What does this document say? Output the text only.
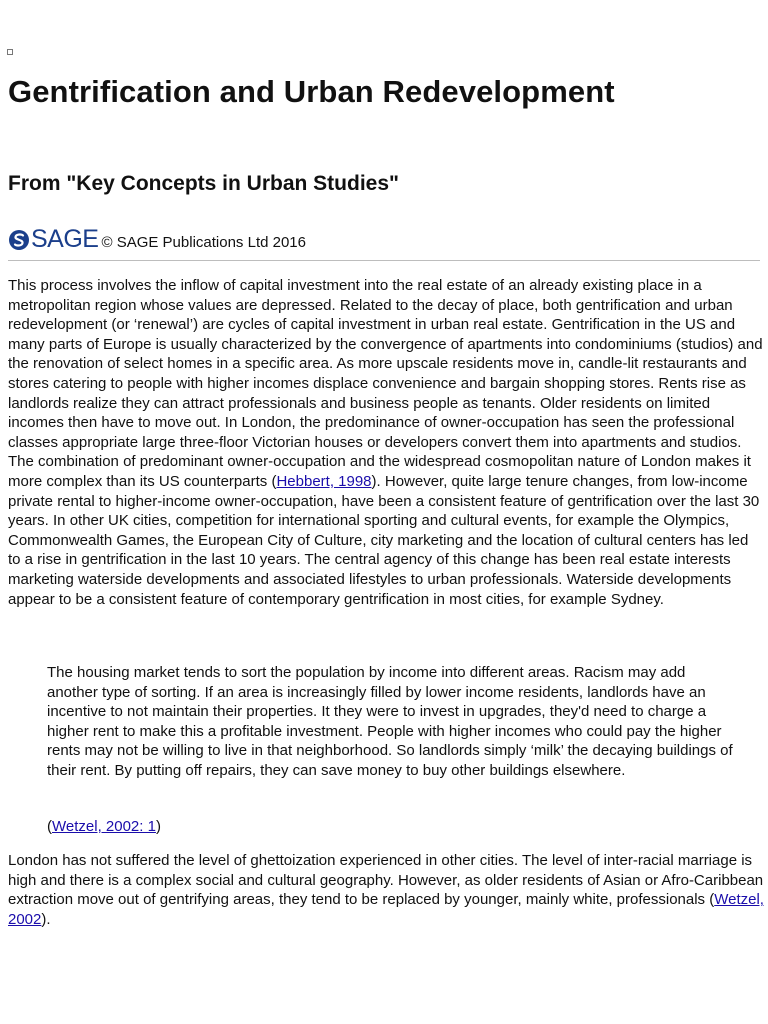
Gentrification and Urban Redevelopment
From "Key Concepts in Urban Studies"
SAGE © SAGE Publications Ltd 2016

This process involves the inflow of capital investment into the real estate of an already existing place in a metropolitan region whose values are depressed. Related to the decay of place, both gentrification and urban redevelopment (or ‘renewal’) are cycles of capital investment in urban real estate. Gentrification in the US and many parts of Europe is usually characterized by the convergence of apartments into condominiums (studios) and the renovation of select homes in a specific area. As more upscale residents move in, candle-lit restaurants and stores catering to people with higher incomes displace convenience and bargain shopping stores. Rents rise as landlords realize they can attract professionals and business people as tenants. Older residents on limited incomes then have to move out. In London, the predominance of owner-occupation has seen the professional classes appropriate large three-floor Victorian houses or developers convert them into apartments and studios. The combination of predominant owner-occupation and the widespread cosmopolitan nature of London makes it more complex than its US counterparts (Hebbert, 1998). However, quite large tenure changes, from low-income private rental to higher-income owner-occupation, have been a consistent feature of gentrification over the last 30 years. In other UK cities, competition for international sporting and cultural events, for example the Olympics, Commonwealth Games, the European City of Culture, city marketing and the location of cultural centers has led to a rise in gentrification in the last 10 years. The central agency of this change has been real estate interests marketing waterside developments and associated lifestyles to urban professionals. Waterside developments appear to be a consistent feature of contemporary gentrification in most cities, for example Sydney.

The housing market tends to sort the population by income into different areas. Racism may add another type of sorting. If an area is increasingly filled by lower income residents, landlords have an incentive to not maintain their properties. It they were to invest in upgrades, they'd need to charge a higher rent to make this a profitable investment. People with higher incomes who could pay the higher rents may not be willing to live in that neighborhood. So landlords simply ‘milk’ the decaying buildings of their rent. By putting off repairs, they can save money to buy other buildings elsewhere.

(Wetzel, 2002: 1)

London has not suffered the level of ghettoization experienced in other cities. The level of inter-racial marriage is high and there is a complex social and cultural geography. However, as older residents of Asian or Afro-Caribbean extraction move out of gentrifying areas, they tend to be replaced by younger, mainly white, professionals (Wetzel, 2002).
